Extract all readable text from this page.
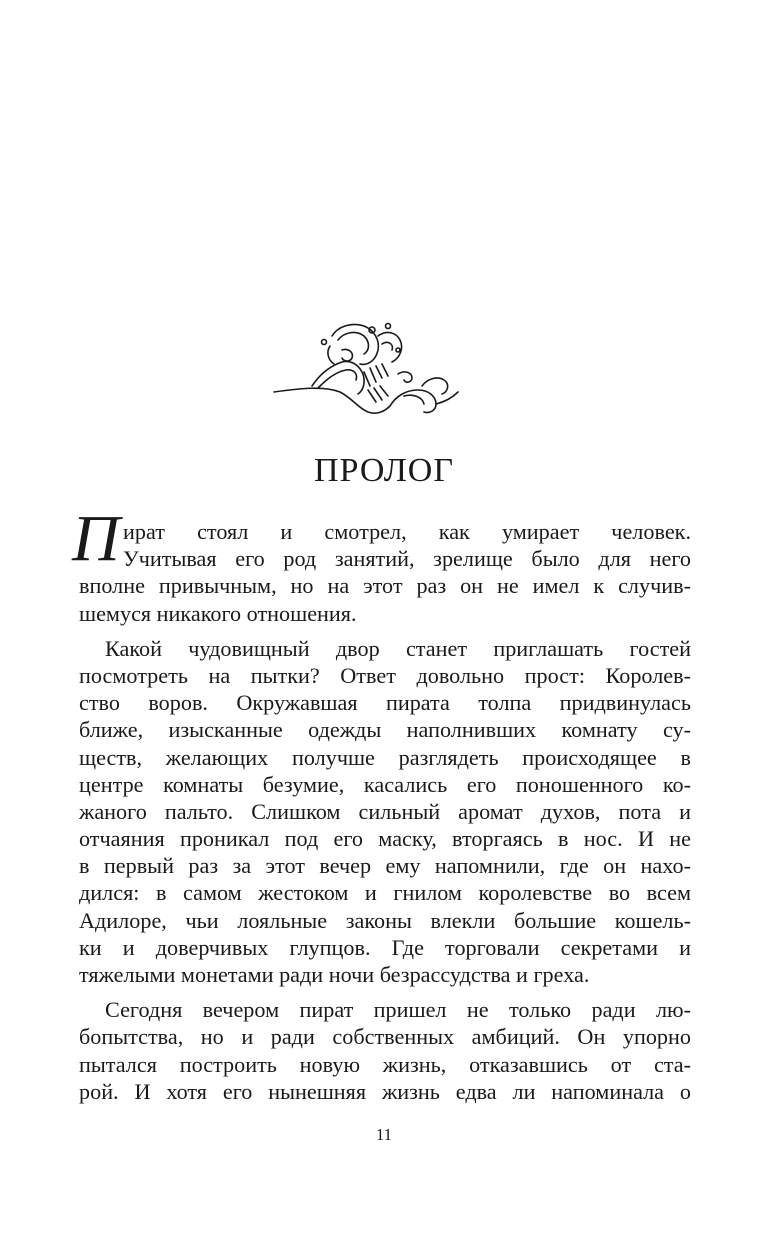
ПРОЛОГ
П ират стоял и смотрел, как умирает человек.
Учитывая его род занятий, зрелище было для него
вполне привычным, но на этот раз он не имел к случив-
шемуся никакого отношения.
Какой чудовищный двор станет приглашать гостей
посмотреть на пытки? Ответ довольно прост: Королев-
ство воров. Окружавшая пирата толпа придвинулась
ближе, изысканные одежды наполнивших комнату су-
ществ, желающих получше разглядеть происходящее в
центре комнаты безумие, касались его поношенного ко-
жаного пальто. Слишком сильный аромат духов, пота и
отчаяния проникал под его маску, вторгаясь в нос. И не
в первый раз за этот вечер ему напомнили, где он нахо-
дился: в самом жестоком и гнилом королевстве во всем
Адилоре, чьи лояльные законы влекли большие кошель-
ки и доверчивых глупцов. Где торговали секретами и
тяжелыми монетами ради ночи безрассудства и греха.
Сегодня вечером пират пришел не только ради лю-
бопытства, но и ради собственных амбиций. Он упорно
пытался построить новую жизнь, отказавшись от ста-
рой. И хотя его нынешняя жизнь едва ли напоминала о
11
